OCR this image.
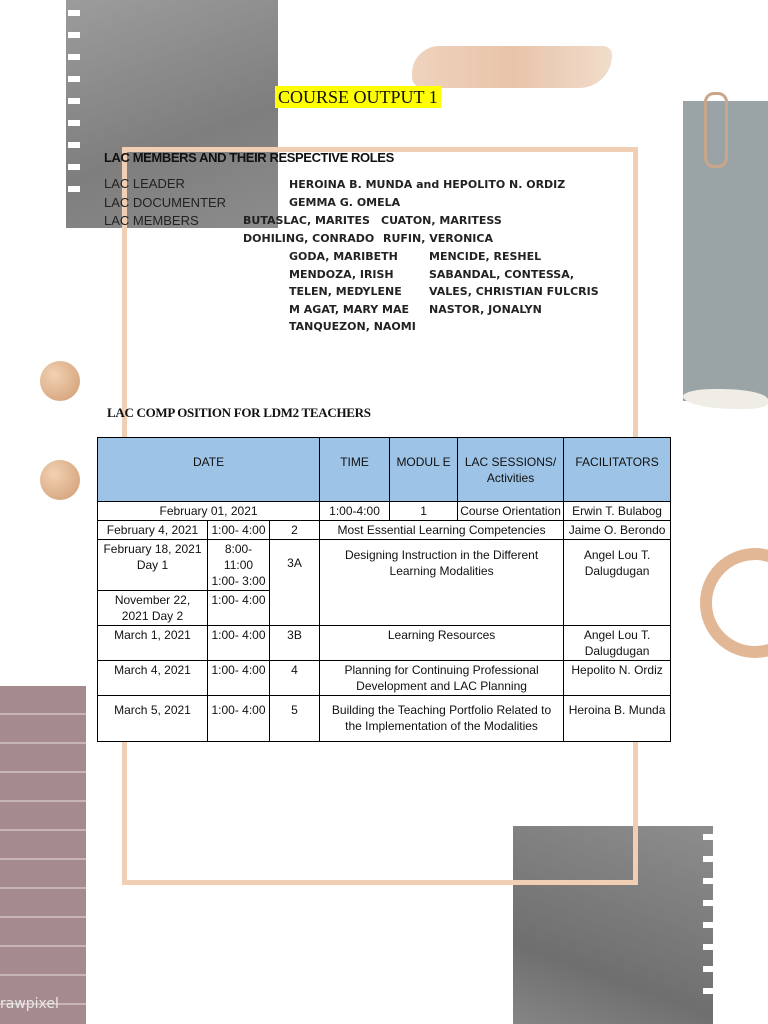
rawpixel
COURSE OUTPUT 1
LAC MEMBERS AND THEIR RESPECTIVE ROLES
LAC LEADER	HEROINA B. MUNDA and HEPOLITO N. ORDIZ
LAC DOCUMENTER	GEMMA G. OMELA
LAC MEMBERS	BUTASLAC, MARITES CUATON, MARITESS
DOHILING, CONRADO RUFIN, VERONICA
GODA, MARIBETH	MENCIDE, RESHEL
MENDOZA, IRISH	SABANDAL, CONTESSA,
TELEN, MEDYLENE VALES, CHRISTIAN FULCRIS
M AGAT, MARY MAE NASTOR, JONALYN
TANQUEZON, NAOMI
LAC COMP OSITION FOR LDM2 TEACHERS
DATE			TIME	MODUL E	LAC SESSIONS/ Activities	FACILITATORS
February 01, 2021			1:00-4:00	1	Course Orientation	Erwin T. Bulabog
February 4, 2021	1:00- 4:00	2	Most Essential Learning Competencies			Jaime O. Berondo
February 18, 2021 Day 1	8:00- 11:00 1:00- 3:00	3A	Designing Instruction in the Different Learning Modalities			Angel Lou T. Dalugdugan
November 22, 2021 Day 2	1:00- 4:00					
March 1, 2021	1:00- 4:00	3B	Learning Resources			Angel Lou T. Dalugdugan
March 4, 2021	1:00- 4:00	4	Planning for Continuing Professional Development and LAC Planning			Hepolito N. Ordiz
March 5, 2021	1:00- 4:00	5	Building the Teaching Portfolio Related to the Implementation of the Modalities			Heroina B. Munda
